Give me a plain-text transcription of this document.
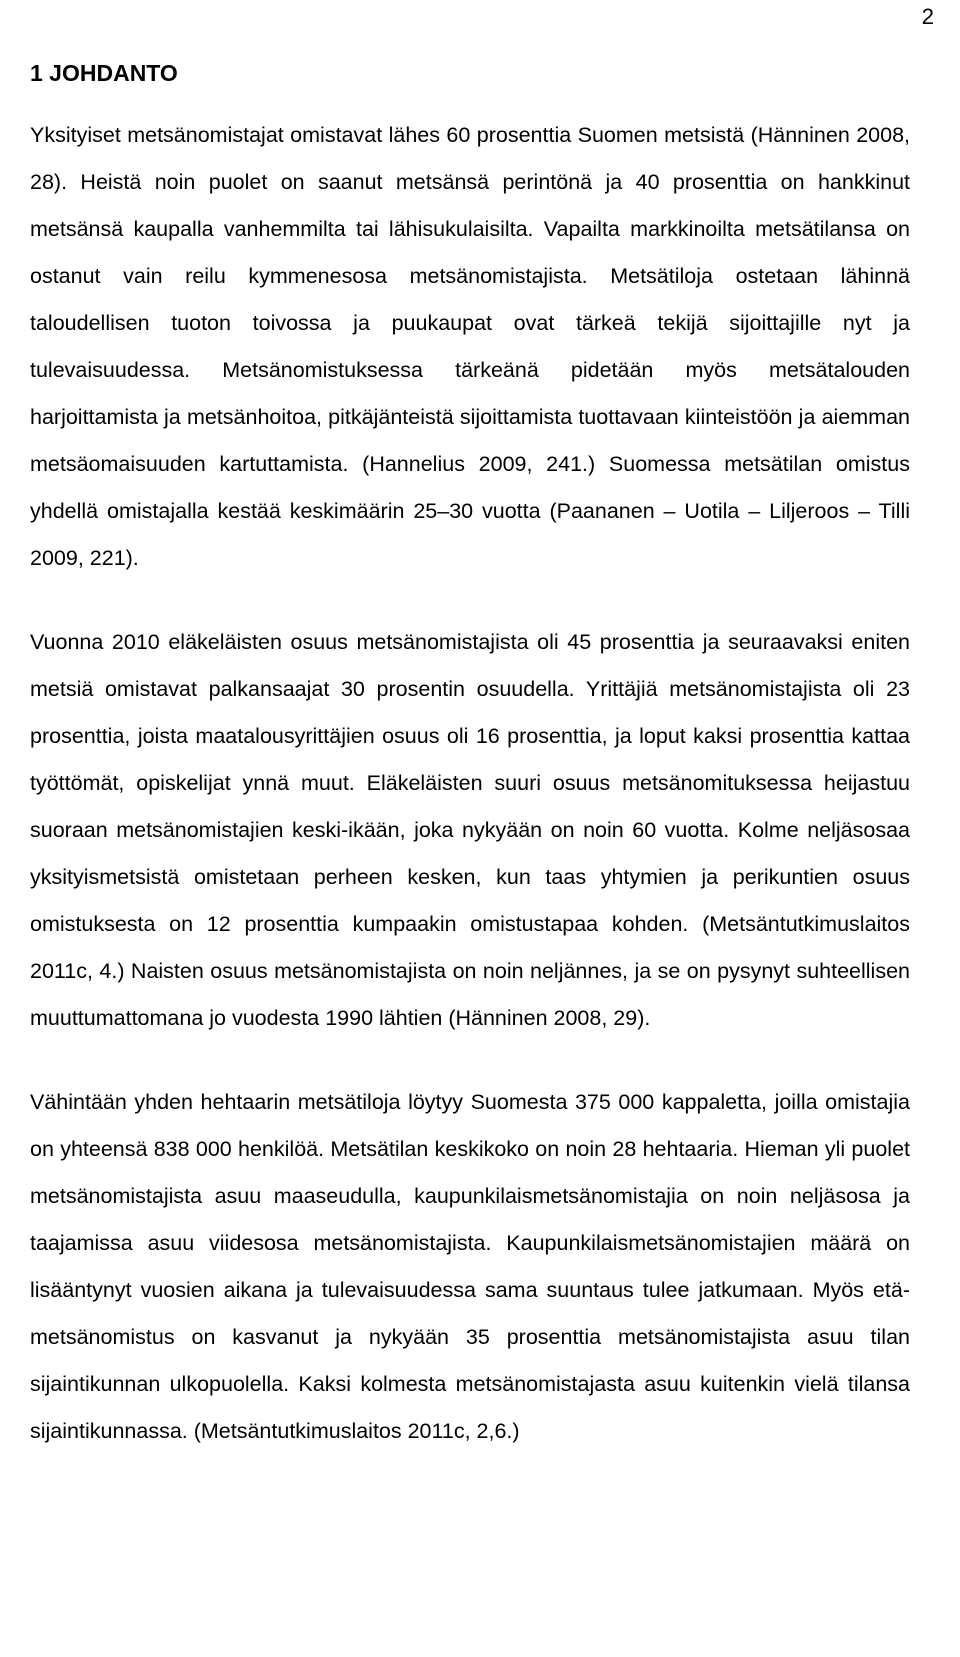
2
1 JOHDANTO

Yksityiset metsänomistajat omistavat lähes 60 prosenttia Suomen metsistä (Hänninen 2008, 28). Heistä noin puolet on saanut metsänsä perintönä ja 40 prosenttia on hankkinut metsänsä kaupalla vanhemmilta tai lähisukulaisilta. Vapailta markkinoilta metsätilansa on ostanut vain reilu kymmenesosa metsänomistajista. Metsätiloja ostetaan lähinnä taloudellisen tuoton toivossa ja puukaupat ovat tärkeä tekijä sijoittajille nyt ja tulevaisuudessa. Metsänomistuksessa tärkeänä pidetään myös metsätalouden harjoittamista ja metsänhoitoa, pitkäjänteistä sijoittamista tuottavaan kiinteistöön ja aiemman metsäomaisuuden kartuttamista. (Hannelius 2009, 241.) Suomessa metsätilan omistus yhdellä omistajalla kestää keskimäärin 25–30 vuotta (Paananen – Uotila – Liljeroos – Tilli 2009, 221).

Vuonna 2010 eläkeläisten osuus metsänomistajista oli 45 prosenttia ja seuraavaksi eniten metsiä omistavat palkansaajat 30 prosentin osuudella. Yrittäjiä metsänomistajista oli 23 prosenttia, joista maatalousyrittäjien osuus oli 16 prosenttia, ja loput kaksi prosenttia kattaa työttömät, opiskelijat ynnä muut. Eläkeläisten suuri osuus metsänomituksessa heijastuu suoraan metsänomistajien keski-ikään, joka nykyään on noin 60 vuotta. Kolme neljäsosaa yksityismetsistä omistetaan perheen kesken, kun taas yhtymien ja perikuntien osuus omistuksesta on 12 prosenttia kumpaakin omistustapaa kohden. (Metsäntutkimuslaitos 2011c, 4.) Naisten osuus metsänomistajista on noin neljännes, ja se on pysynyt suhteellisen muuttumattomana jo vuodesta 1990 lähtien (Hänninen 2008, 29).

Vähintään yhden hehtaarin metsätiloja löytyy Suomesta 375 000 kappaletta, joilla omistajia on yhteensä 838 000 henkilöä. Metsätilan keskikoko on noin 28 hehtaaria. Hieman yli puolet metsänomistajista asuu maaseudulla, kaupunkilaismetsänomistajia on noin neljäsosa ja taajamissa asuu viidesosa metsänomistajista. Kaupunkilaismetsänomistajien määrä on lisääntynyt vuosien aikana ja tulevaisuudessa sama suuntaus tulee jatkumaan. Myös etämetsänomistus on kasvanut ja nykyään 35 prosenttia metsänomistajista asuu tilan sijaintikunnan ulkopuolella. Kaksi kolmesta metsänomistajasta asuu kuitenkin vielä tilansa sijaintikunnassa. (Metsäntutkimuslaitos 2011c, 2,6.)
